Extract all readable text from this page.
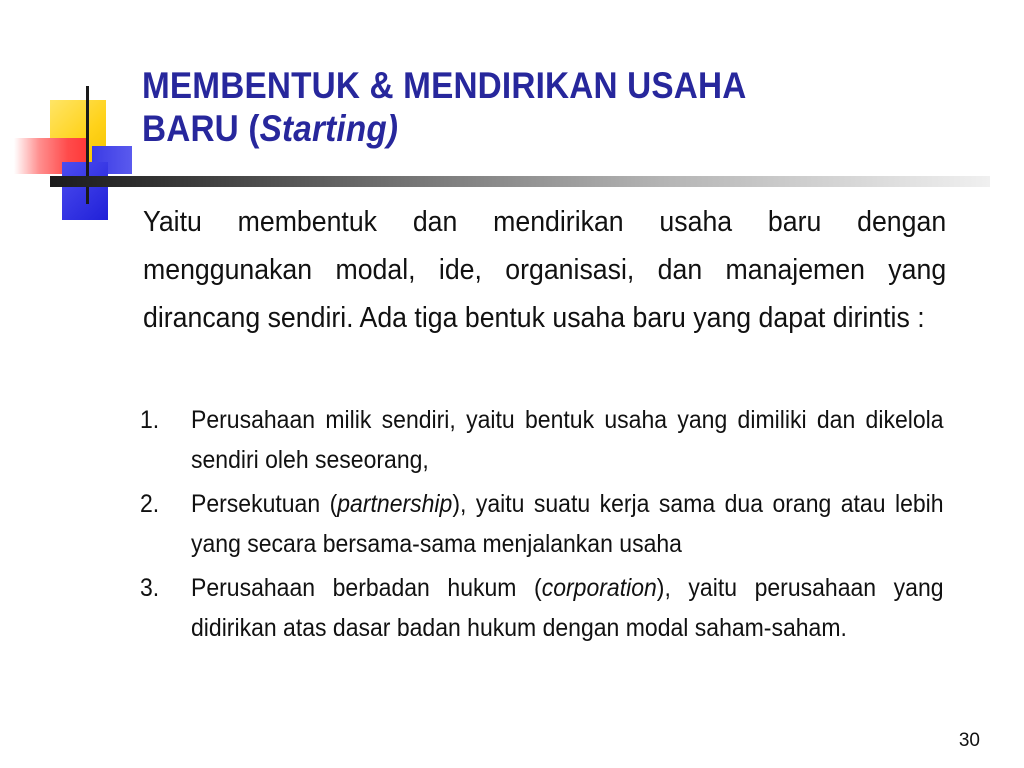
MEMBENTUK & MENDIRIKAN USAHA
BARU (Starting)
Yaitu membentuk dan mendirikan usaha baru dengan menggunakan modal, ide, organisasi, dan manajemen yang dirancang sendiri. Ada tiga bentuk usaha baru yang dapat dirintis :
1.	Perusahaan milik sendiri, yaitu bentuk usaha yang dimiliki dan dikelola sendiri oleh seseorang,
2.	Persekutuan (partnership), yaitu suatu kerja sama dua orang atau lebih yang secara bersama-sama menjalankan usaha
3.	Perusahaan berbadan hukum (corporation), yaitu perusahaan yang didirikan atas dasar badan hukum dengan modal saham-saham.
30
